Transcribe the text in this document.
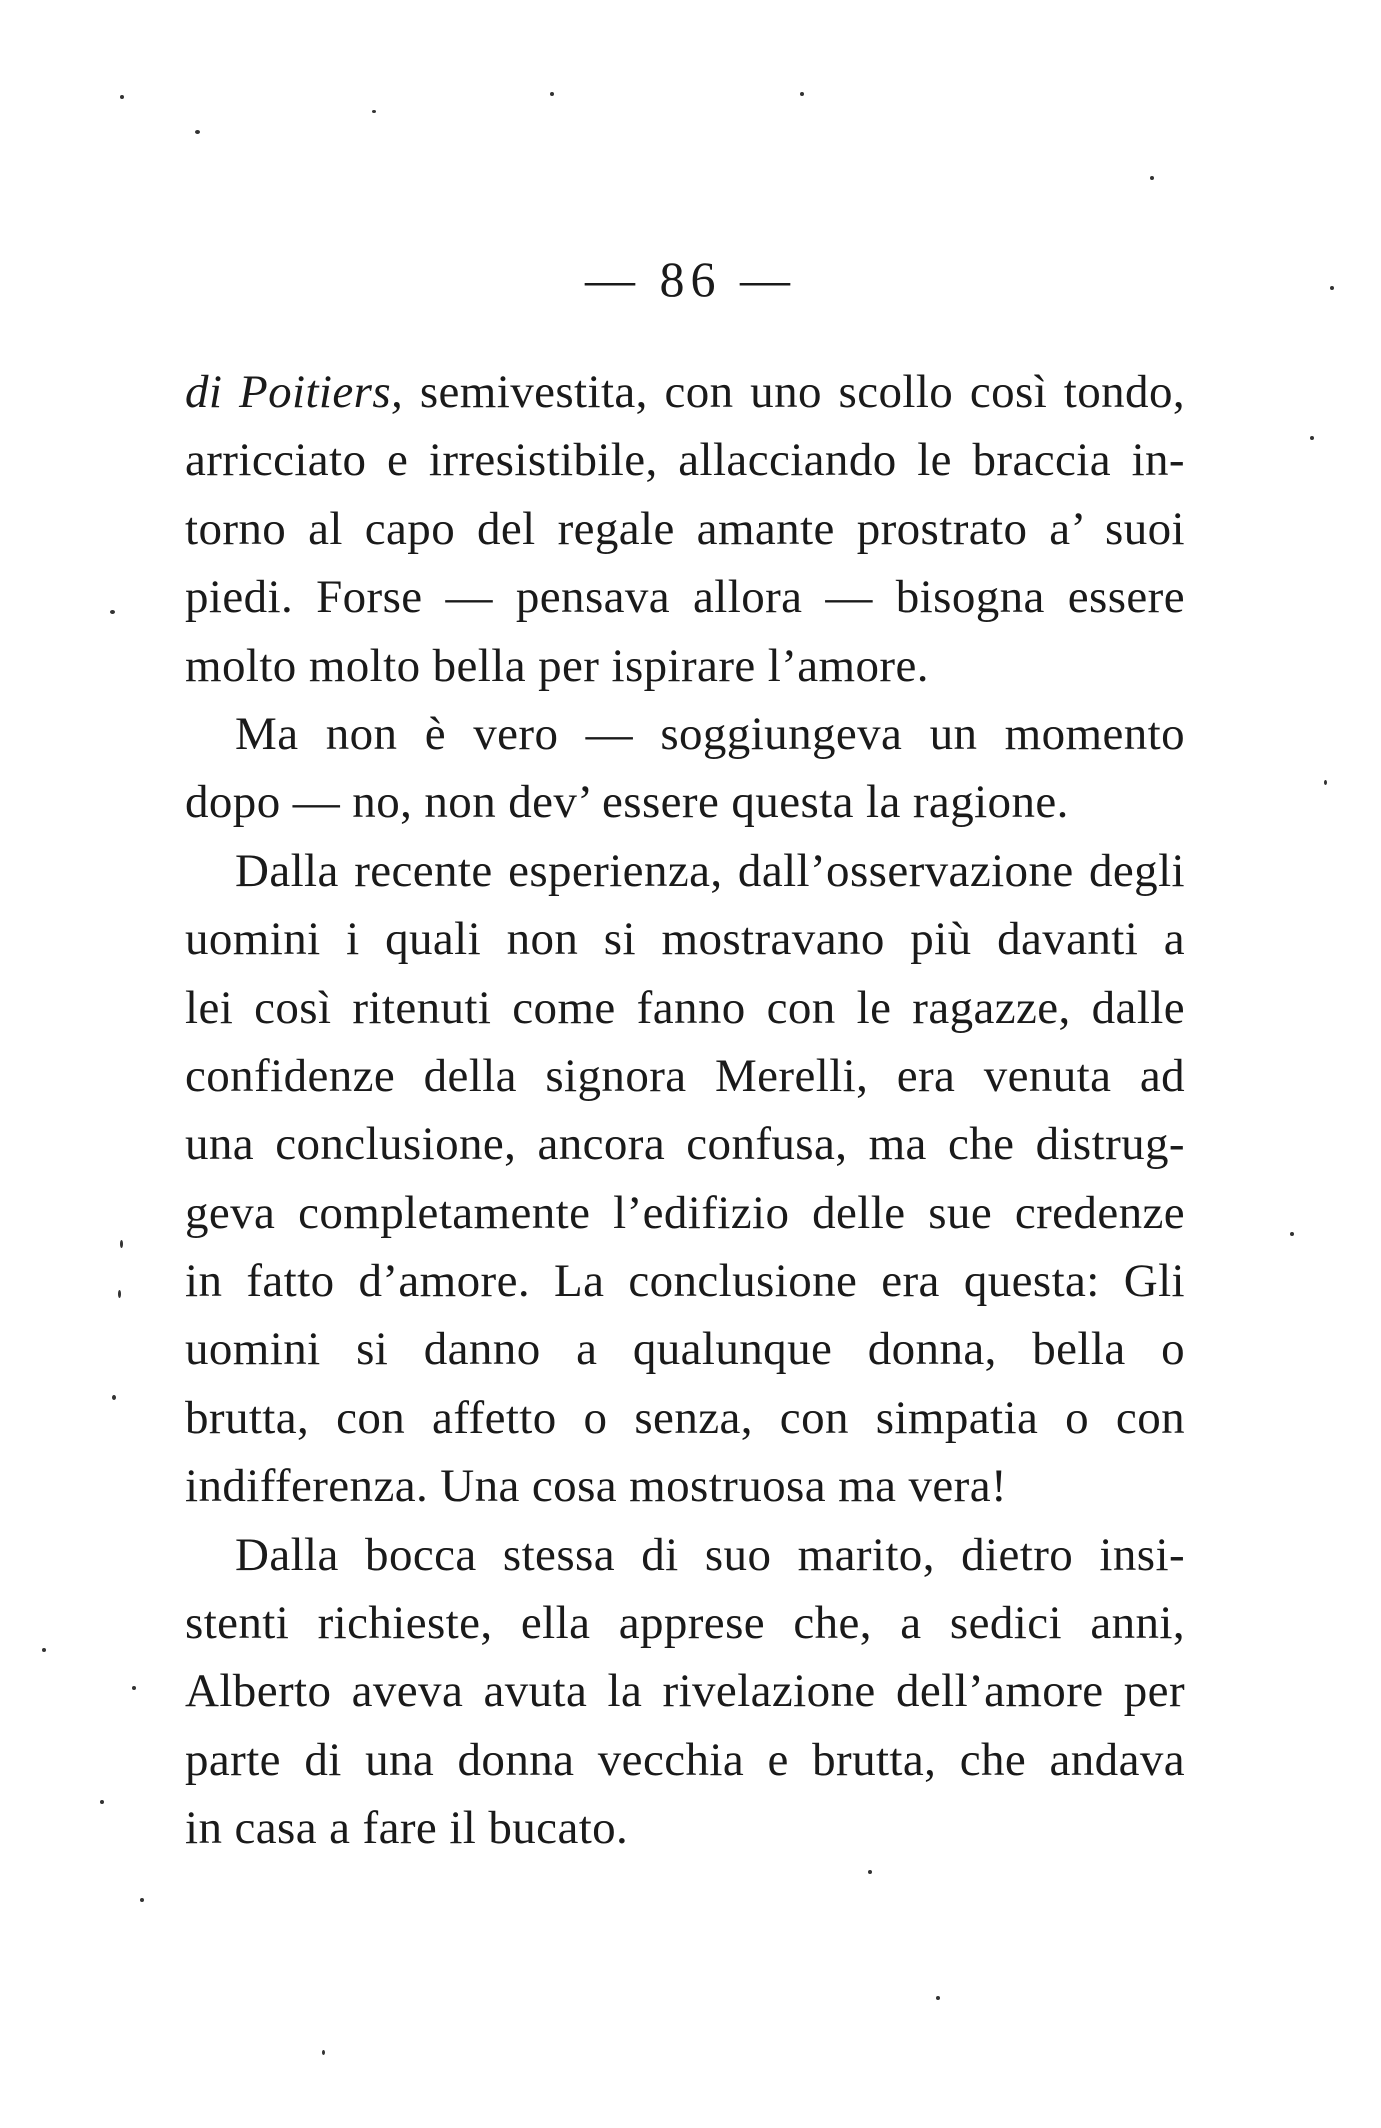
— 86 —
di Poitiers, semivestita, con uno scollo così tondo,
arricciato e irresistibile, allacciando le braccia in-
torno al capo del regale amante prostrato a’ suoi
piedi. Forse — pensava allora — bisogna essere
molto molto bella per ispirare l’amore.
Ma non è vero — soggiungeva un momento
dopo — no, non dev’ essere questa la ragione.
Dalla recente esperienza, dall’osservazione degli
uomini i quali non si mostravano più davanti a
lei così ritenuti come fanno con le ragazze, dalle
confidenze della signora Merelli, era venuta ad
una conclusione, ancora confusa, ma che distrug-
geva completamente l’edifizio delle sue credenze
in fatto d’amore. La conclusione era questa: Gli
uomini si danno a qualunque donna, bella o
brutta, con affetto o senza, con simpatia o con
indifferenza. Una cosa mostruosa ma vera!
Dalla bocca stessa di suo marito, dietro insi-
stenti richieste, ella apprese che, a sedici anni,
Alberto aveva avuta la rivelazione dell’amore per
parte di una donna vecchia e brutta, che andava
in casa a fare il bucato.
